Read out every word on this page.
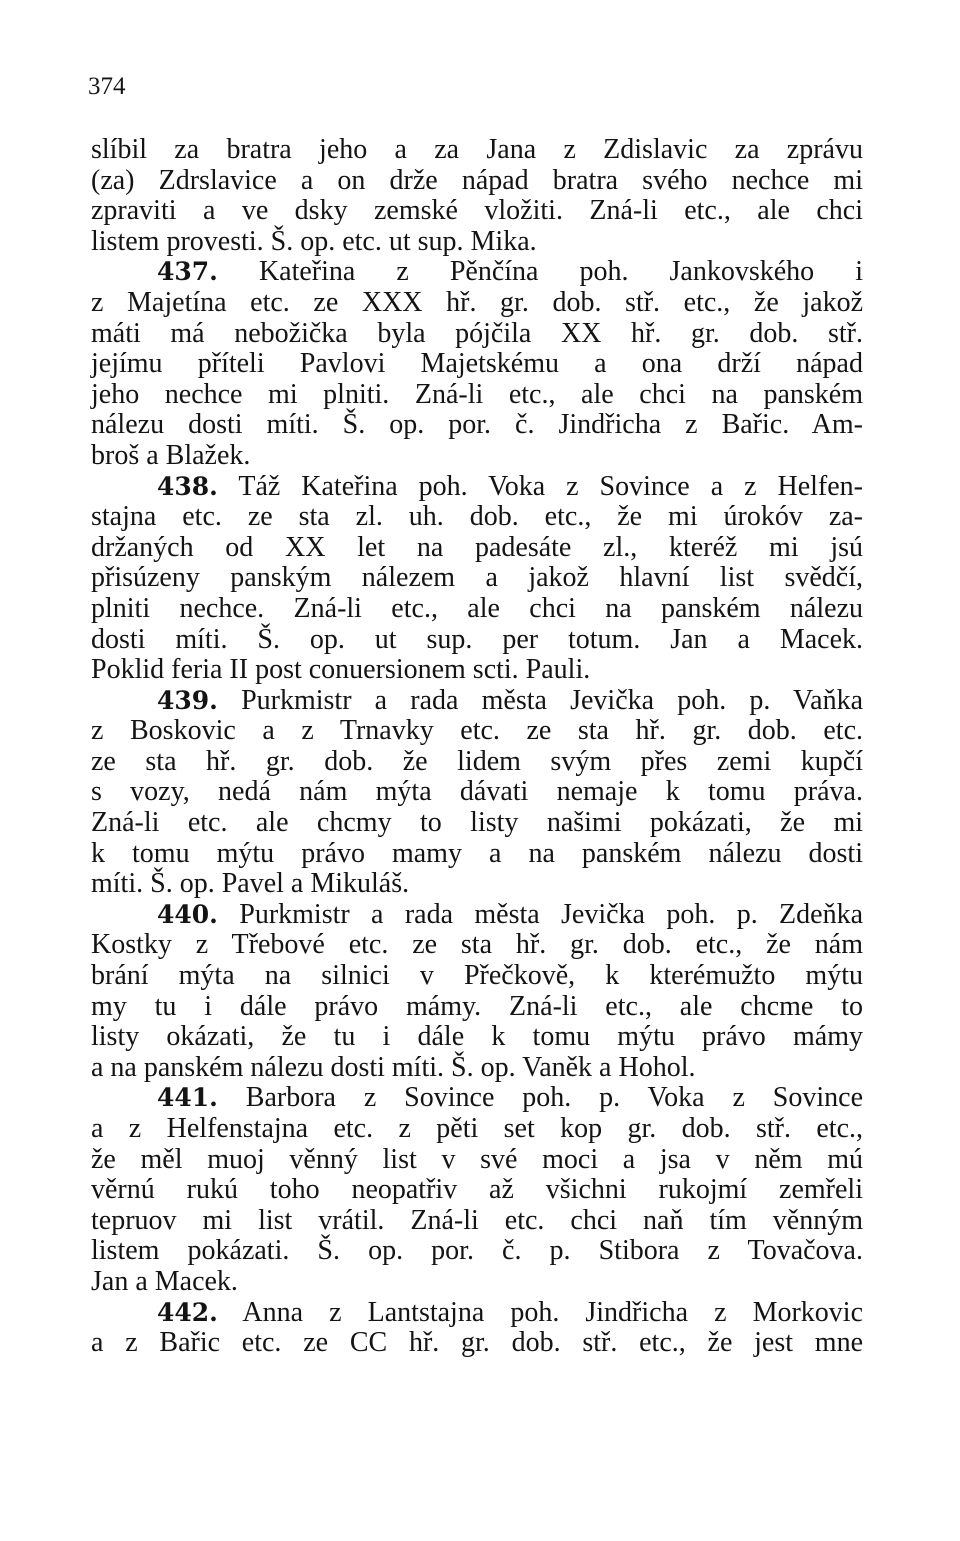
374
slíbil za bratra jeho a za Jana z Zdislavic za zprávu
(za) Zdrslavice a on drže nápad bratra svého nechce mi
zpraviti a ve dsky zemské vložiti. Zná-li etc., ale chci
listem provesti. Š. op. etc. ut sup. Mika.
437. Kateřina z Pěnčína poh. Jankovského i
z Majetína etc. ze XXX hř. gr. dob. stř. etc., že jakož
máti má nebožička byla pójčila XX hř. gr. dob. stř.
jejímu příteli Pavlovi Majetskému a ona drží nápad
jeho nechce mi plniti. Zná-li etc., ale chci na panském
nálezu dosti míti. Š. op. por. č. Jindřicha z Bařic. Am-
broš a Blažek.
438. Táž Kateřina poh. Voka z Sovince a z Helfen-
stajna etc. ze sta zl. uh. dob. etc., že mi úrokóv za-
držaných od XX let na padesáte zl., kteréž mi jsú
přisúzeny panským nálezem a jakož hlavní list svědčí,
plniti nechce. Zná-li etc., ale chci na panském nálezu
dosti míti. Š. op. ut sup. per totum. Jan a Macek.
Poklid feria II post conuersionem scti. Pauli.
439. Purkmistr a rada města Jevička poh. p. Vaňka
z Boskovic a z Trnavky etc. ze sta hř. gr. dob. etc.
ze sta hř. gr. dob. že lidem svým přes zemi kupčí
s vozy, nedá nám mýta dávati nemaje k tomu práva.
Zná-li etc. ale chcmy to listy našimi pokázati, že mi
k tomu mýtu právo mamy a na panském nálezu dosti
míti. Š. op. Pavel a Mikuláš.
440. Purkmistr a rada města Jevička poh. p. Zdeňka
Kostky z Třebové etc. ze sta hř. gr. dob. etc., že nám
brání mýta na silnici v Přečkově, k kterémužto mýtu
my tu i dále právo mámy. Zná-li etc., ale chcme to
listy okázati, že tu i dále k tomu mýtu právo mámy
a na panském nálezu dosti míti. Š. op. Vaněk a Hohol.
441. Barbora z Sovince poh. p. Voka z Sovince
a z Helfenstajna etc. z pěti set kop gr. dob. stř. etc.,
že měl muoj věnný list v své moci a jsa v něm mú
věrnú rukú toho neopatřiv až všichni rukojmí zemřeli
tepruov mi list vrátil. Zná-li etc. chci naň tím věnným
listem pokázati. Š. op. por. č. p. Stibora z Tovačova.
Jan a Macek.
442. Anna z Lantstajna poh. Jindřicha z Morkovic
a z Bařic etc. ze CC hř. gr. dob. stř. etc., že jest mne
